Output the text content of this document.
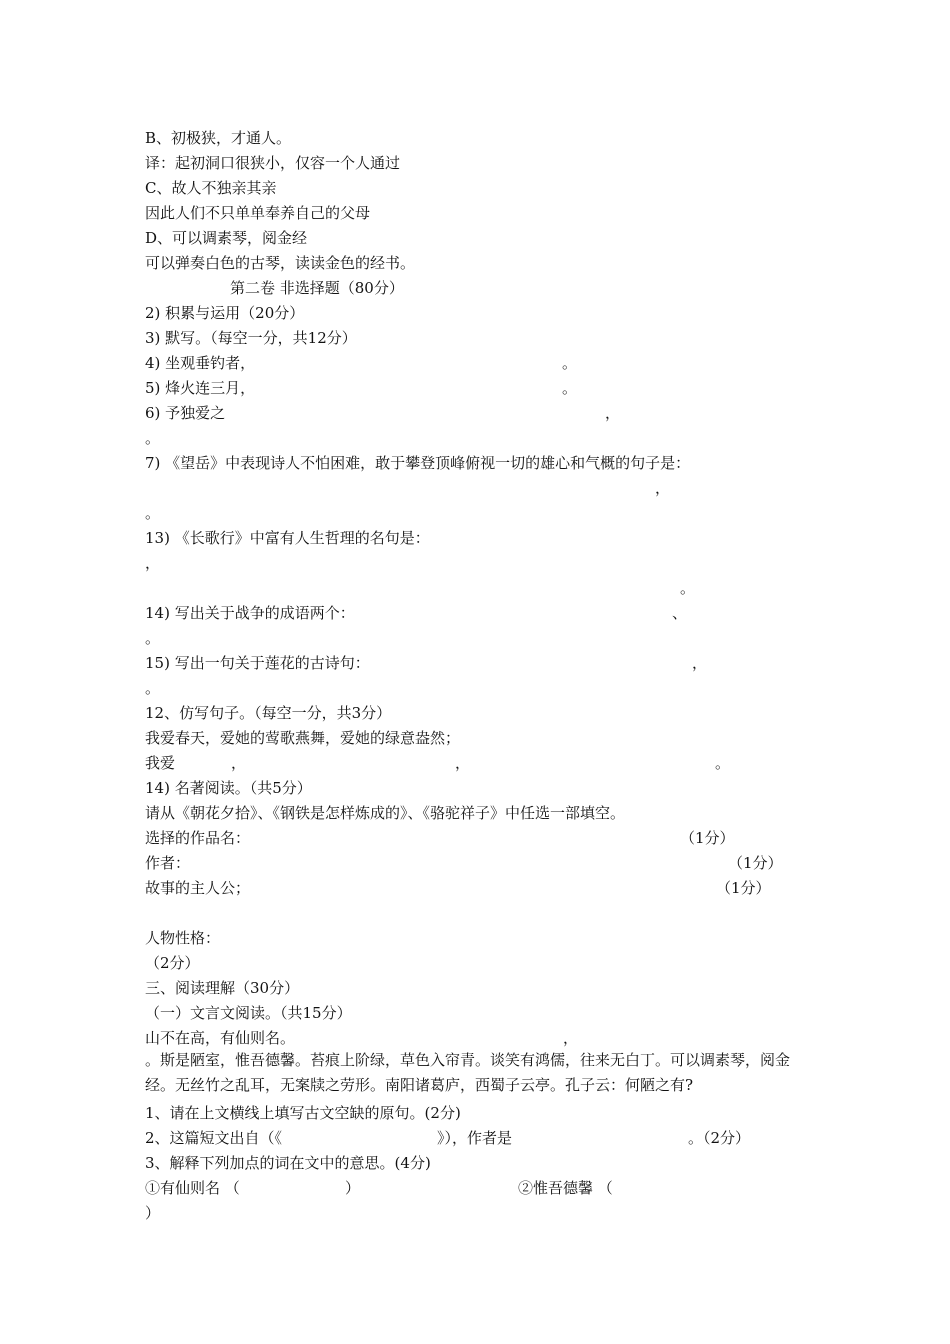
B、初极狭，才通人。
译：起初洞口很狭小，仅容一个人通过
C、故人不独亲其亲
因此人们不只单单奉养自己的父母
D、可以调素琴，阅金经
可以弹奏白色的古琴，读读金色的经书。
第二卷 非选择题（80分）
2) 积累与运用（20分）
3) 默写。（每空一分，共12分）
4) 坐观垂钓者，	。
5) 烽火连三月，	。
6) 予独爱之	，
。
7) 《望岳》中表现诗人不怕困难，敢于攀登顶峰俯视一切的雄心和气概的句子是：
，
。
13) 《长歌行》中富有人生哲理的名句是：
，
。
14) 写出关于战争的成语两个：	、
。
15) 写出一句关于莲花的古诗句：	，
。
12、仿写句子。（每空一分，共3分）
我爱春天，爱她的莺歌燕舞，爱她的绿意盎然；
我爱	，	，	。
14) 名著阅读。（共5分）
请从《朝花夕拾》、《钢铁是怎样炼成的》、《骆驼祥子》中任选一部填空。
选择的作品名：	（1分）
作者：	（1分）
故事的主人公；	（1分）
人物性格：
（2分）
三、阅读理解（30分）
（一）文言文阅读。（共15分）
山不在高，有仙则名。	，
。斯是陋室，惟吾德馨。苔痕上阶绿，草色入帘青。谈笑有鸿儒，往来无白丁。可以调素琴，阅金经。无丝竹之乱耳，无案牍之劳形。南阳诸葛庐，西蜀子云亭。孔子云：何陋之有?
1、请在上文横线上填写古文空缺的原句。(2分)
2、这篇短文出自（《	》），作者是	。（2分）
3、解释下列加点的词在文中的意思。(4分)
①有仙则名 （	）	②惟吾德馨 （
）
